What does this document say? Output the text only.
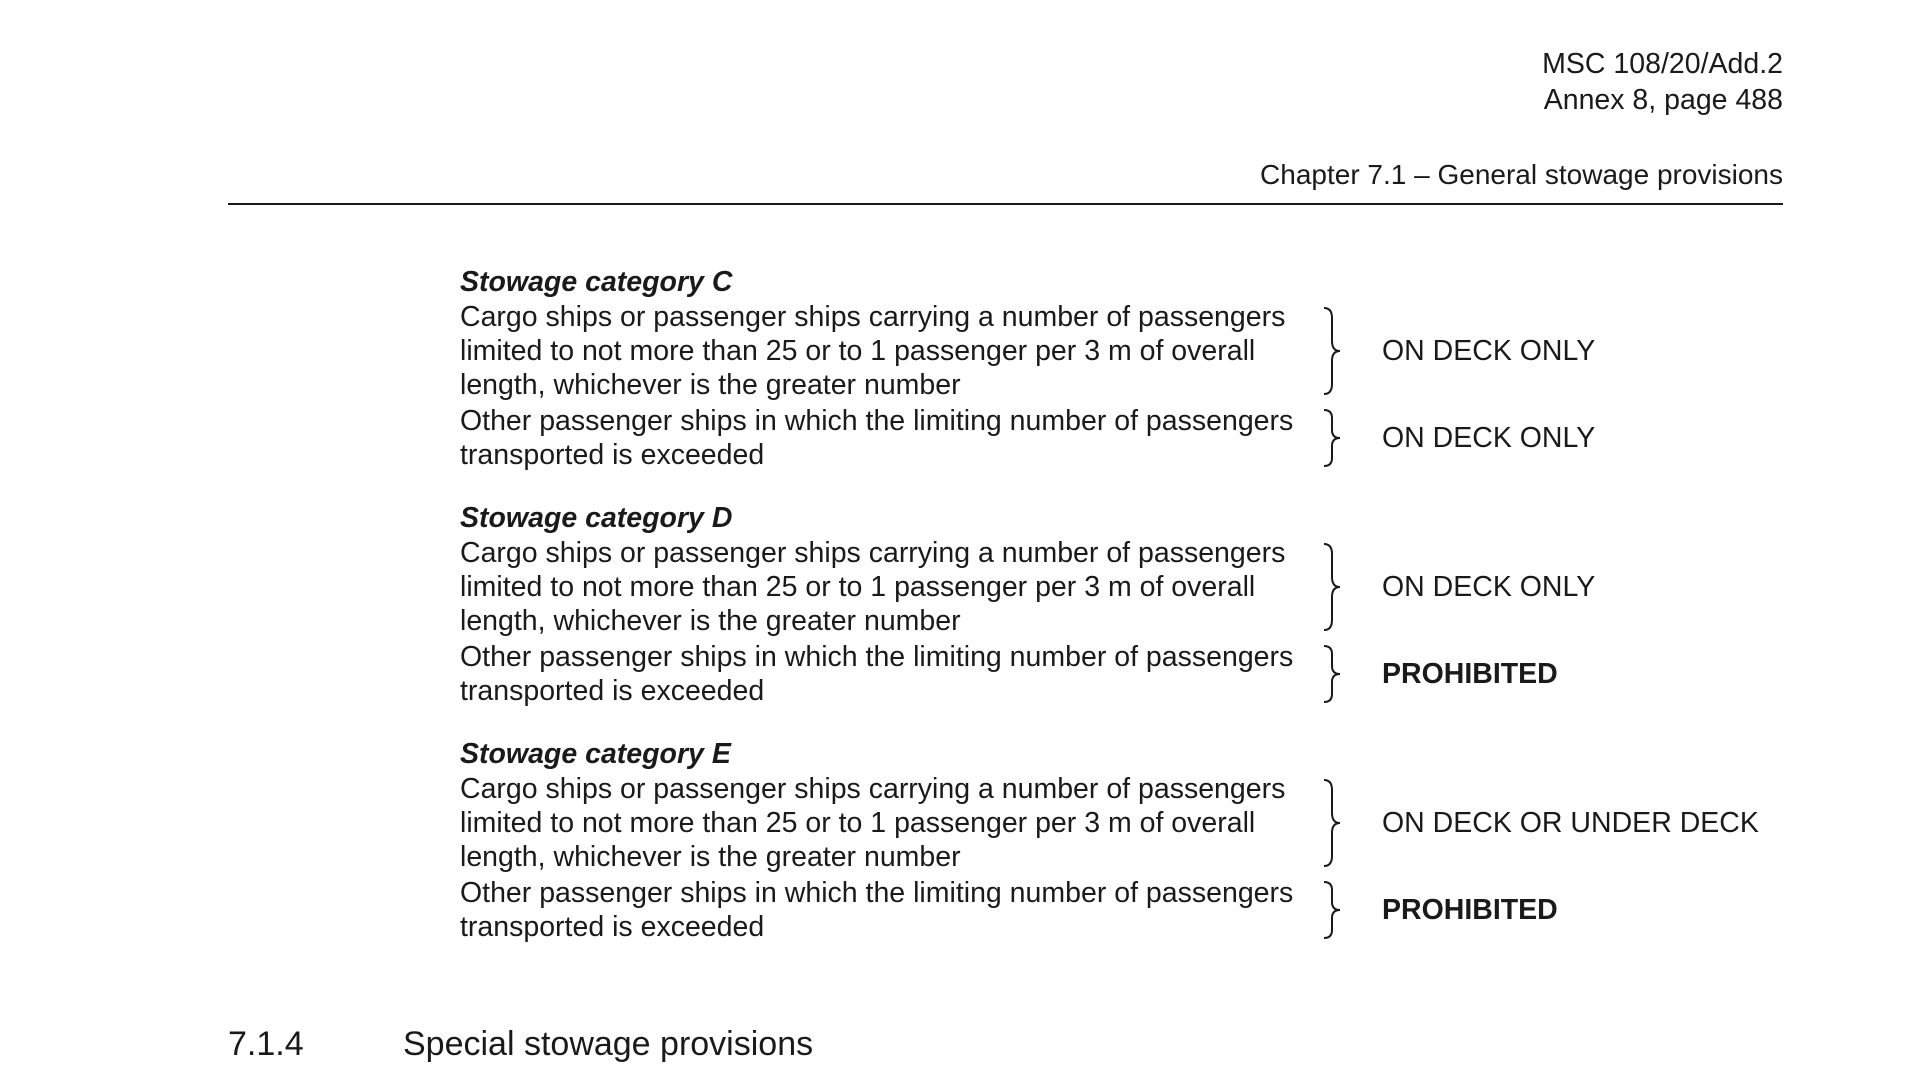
MSC 108/20/Add.2
Annex 8, page 488
Chapter 7.1 – General stowage provisions
Stowage category C
Cargo ships or passenger ships carrying a number of passengers
limited to not more than 25 or to 1 passenger per 3 m of overall
length, whichever is the greater number
ON DECK ONLY
Other passenger ships in which the limiting number of passengers
transported is exceeded
ON DECK ONLY
Stowage category D
Cargo ships or passenger ships carrying a number of passengers
limited to not more than 25 or to 1 passenger per 3 m of overall
length, whichever is the greater number
ON DECK ONLY
Other passenger ships in which the limiting number of passengers
transported is exceeded
PROHIBITED
Stowage category E
Cargo ships or passenger ships carrying a number of passengers
limited to not more than 25 or to 1 passenger per 3 m of overall
length, whichever is the greater number
ON DECK OR UNDER DECK
Other passenger ships in which the limiting number of passengers
transported is exceeded
PROHIBITED
7.1.4	Special stowage provisions
